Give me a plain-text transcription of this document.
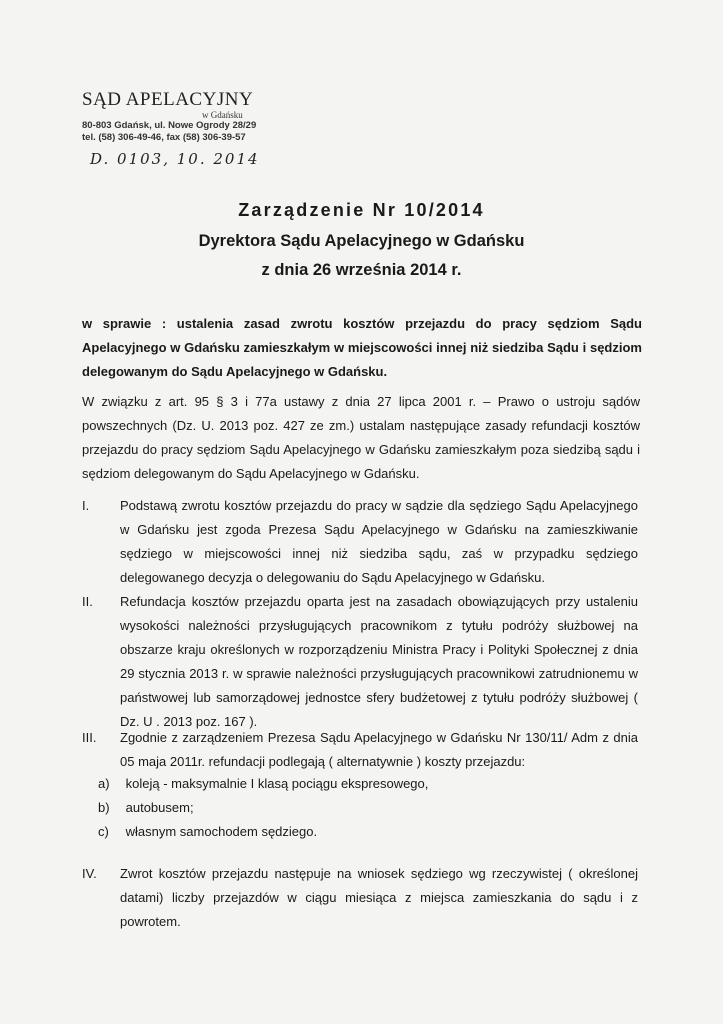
SĄD APELACYJNY
w Gdańsku
80-803 Gdańsk, ul. Nowe Ogrody 28/29
tel. (58) 306-49-46, fax (58) 306-39-57
D. 0103, 10. 2014
Zarządzenie Nr 10/2014
Dyrektora Sądu Apelacyjnego w Gdańsku
z dnia 26 września 2014 r.
w sprawie : ustalenia zasad zwrotu kosztów przejazdu do pracy sędziom Sądu Apelacyjnego w Gdańsku zamieszkałym w miejscowości innej niż siedziba Sądu i sędziom delegowanym do Sądu Apelacyjnego w Gdańsku.
W związku z art. 95 § 3 i 77a ustawy z dnia 27 lipca 2001 r. – Prawo o ustroju sądów powszechnych (Dz. U. 2013 poz. 427 ze zm.) ustalam następujące zasady refundacji kosztów przejazdu do pracy sędziom Sądu Apelacyjnego w Gdańsku zamieszkałym poza siedzibą sądu i sędziom delegowanym do Sądu Apelacyjnego w Gdańsku.
I.	Podstawą zwrotu kosztów przejazdu do pracy w sądzie dla sędziego Sądu Apelacyjnego w Gdańsku jest zgoda Prezesa Sądu Apelacyjnego w Gdańsku na zamieszkiwanie sędziego w miejscowości innej niż siedziba sądu, zaś w przypadku sędziego delegowanego decyzja o delegowaniu do Sądu Apelacyjnego w Gdańsku.
II.	Refundacja kosztów przejazdu oparta jest na zasadach obowiązujących przy ustaleniu wysokości należności przysługujących pracownikom z tytułu podróży służbowej na obszarze kraju określonych w rozporządzeniu Ministra Pracy i Polityki Społecznej z dnia 29 stycznia 2013 r. w sprawie należności przysługujących pracownikowi zatrudnionemu w państwowej lub samorządowej jednostce sfery budżetowej z tytułu podróży służbowej ( Dz. U . 2013 poz. 167 ).
III.	Zgodnie z zarządzeniem Prezesa Sądu Apelacyjnego w Gdańsku Nr 130/11/ Adm z dnia 05 maja 2011r. refundacji podlegają ( alternatywnie ) koszty przejazdu:
a) koleją - maksymalnie I klasą pociągu ekspresowego,
b) autobusem;
c) własnym samochodem sędziego.
IV.	Zwrot kosztów przejazdu następuje na wniosek sędziego wg rzeczywistej ( określonej datami) liczby przejazdów w ciągu miesiąca z miejsca zamieszkania do sądu i z powrotem.
